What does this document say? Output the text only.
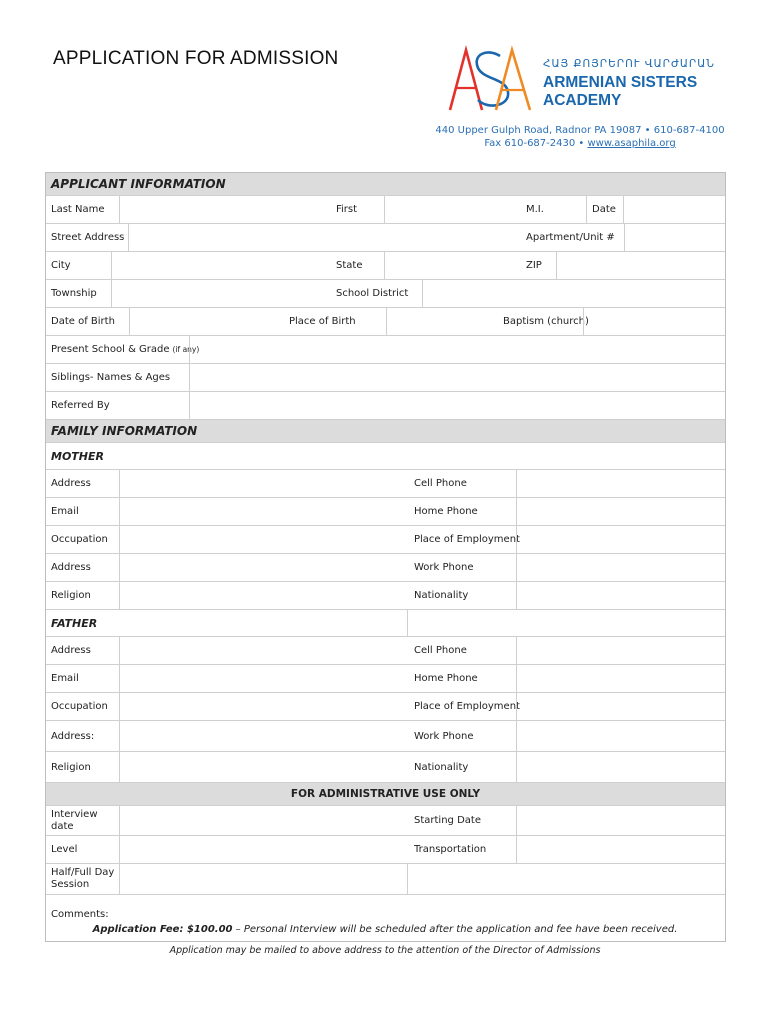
APPLICATION FOR ADMISSION	ՀԱՅ ՔՈՅՐԵՐՈՒ ՎԱՐԺԱՐԱՆ
ARMENIAN SISTERS
ACADEMY
440 Upper Gulph Road, Radnor PA 19087 • 610-687-4100
Fax 610-687-2430 • www.asaphila.org
APPLICANT INFORMATION
Last Name	First	M.I.	Date
Street Address	Apartment/Unit #
City	State	ZIP
Township	School District
Date of Birth	Place of Birth	Baptism (church)
Present School & Grade (if any)
Siblings- Names & Ages
Referred By
FAMILY INFORMATION
MOTHER
Address	Cell Phone
Email	Home Phone
Occupation	Place of Employment
Address	Work Phone
Religion	Nationality
FATHER
Address	Cell Phone
Email	Home Phone
Occupation	Place of Employment
Address:	Work Phone
Religion	Nationality
FOR ADMINISTRATIVE USE ONLY
Interview date	Starting Date
Level	Transportation
Half/Full Day Session
Comments:
Application Fee: $100.00 – Personal Interview will be scheduled after the application and fee have been received.
Application may be mailed to above address to the attention of the Director of Admissions
